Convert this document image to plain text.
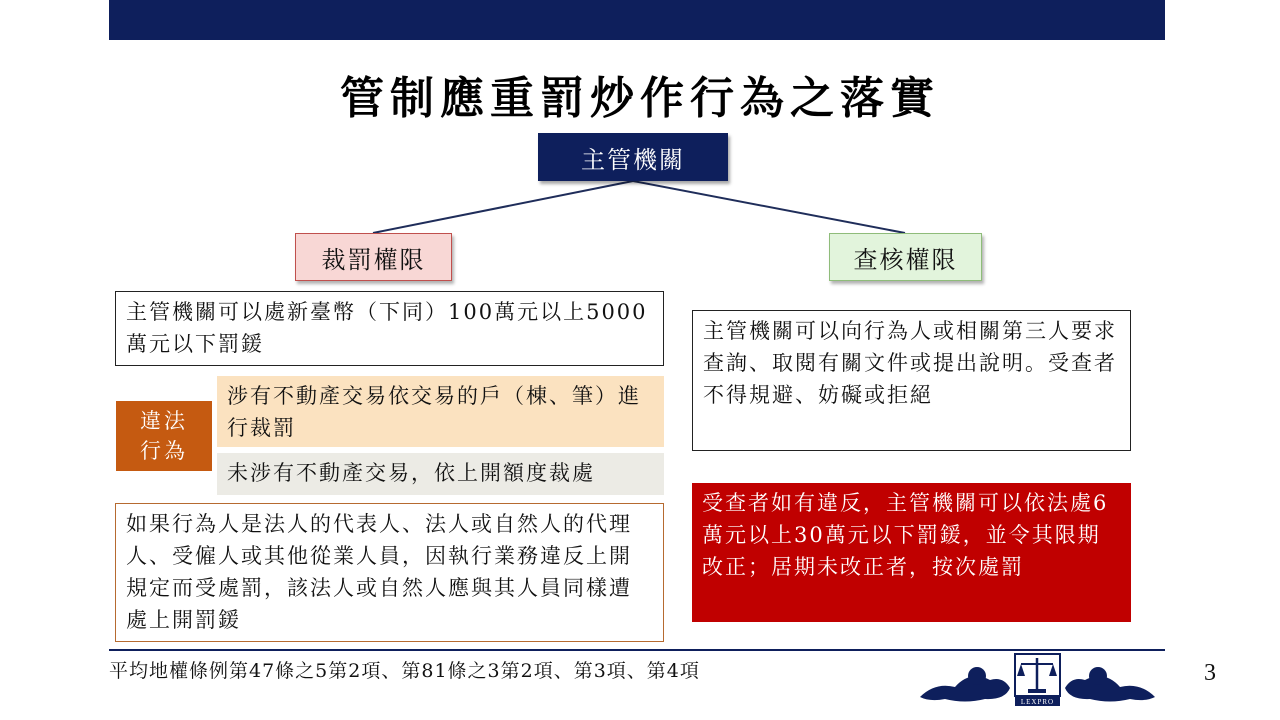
管制應重罰炒作行為之落實
主管機關
裁罰權限	查核權限
主管機關可以處新臺幣（下同）100萬元以上5000萬元以下罰鍰
違法
行為
涉有不動產交易依交易的戶（棟、筆）進行裁罰
未涉有不動產交易，依上開額度裁處
如果行為人是法人的代表人、法人或自然人的代理人、受僱人或其他從業人員，因執行業務違反上開規定而受處罰，該法人或自然人應與其人員同樣遭處上開罰鍰
主管機關可以向行為人或相關第三人要求查詢、取閱有關文件或提出說明。受查者不得規避、妨礙或拒絕
受查者如有違反，主管機關可以依法處6萬元以上30萬元以下罰鍰，並令其限期改正；居期未改正者，按次處罰
平均地權條例第47條之5第2項、第81條之3第2項、第3項、第4項
LEXPRO
3
